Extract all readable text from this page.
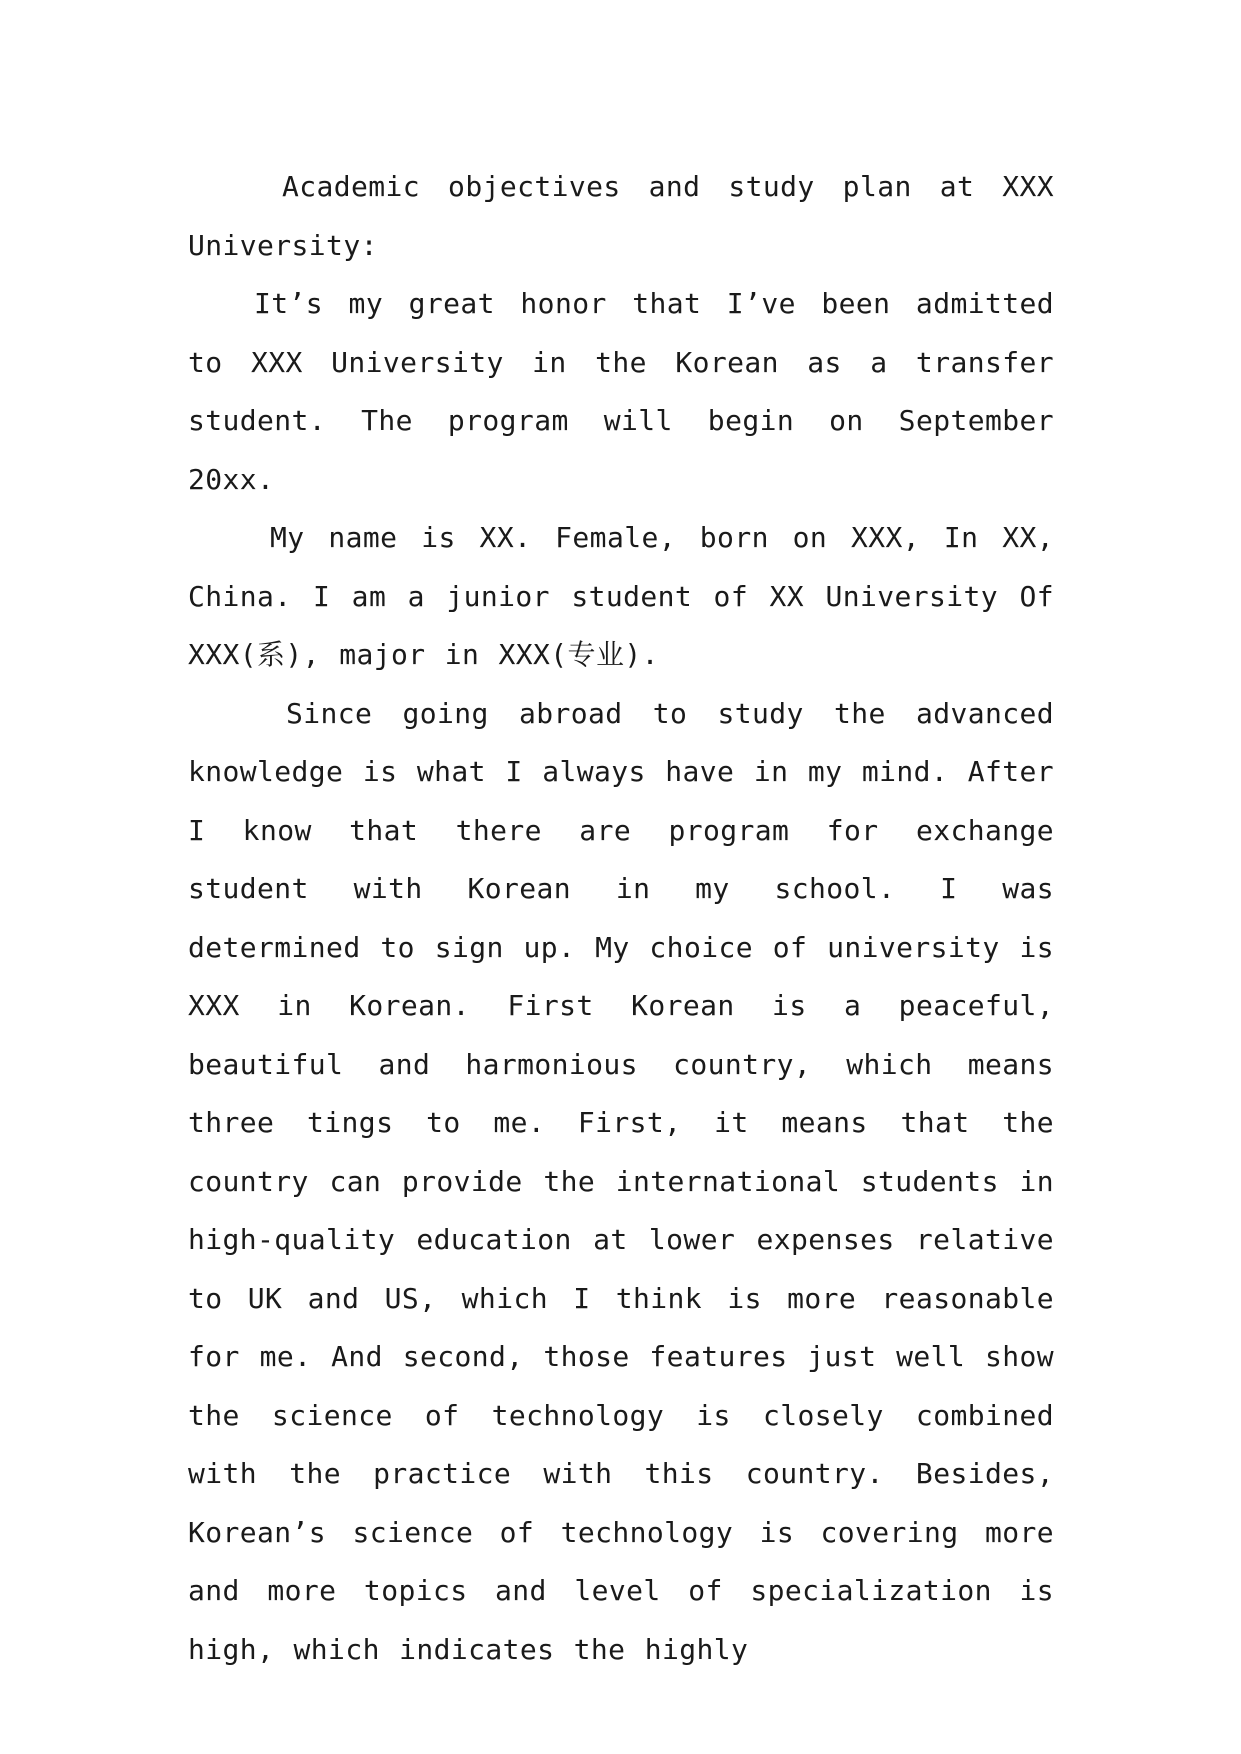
Academic objectives and study plan at XXX University:

It’s my great honor that I’ve been admitted to XXX University in the Korean as a transfer student. The program will begin on September 20xx.

My name is XX. Female, born on XXX, In XX, China. I am a junior student of XX University Of XXX(系), major in XXX(专业).

Since going abroad to study the advanced knowledge is what I always have in my mind. After I know that there are program for exchange student with Korean in my school. I was determined to sign up. My choice of university is XXX in Korean. First Korean is a peaceful, beautiful and harmonious country, which means three tings to me. First, it means that the country can provide the international students in high-quality education at lower expenses relative to UK and US, which I think is more reasonable for me. And second, those features just well show the science of technology is closely combined with the practice with this country. Besides, Korean’s science of technology is covering more and more topics and level of specialization is high, which indicates the highly
